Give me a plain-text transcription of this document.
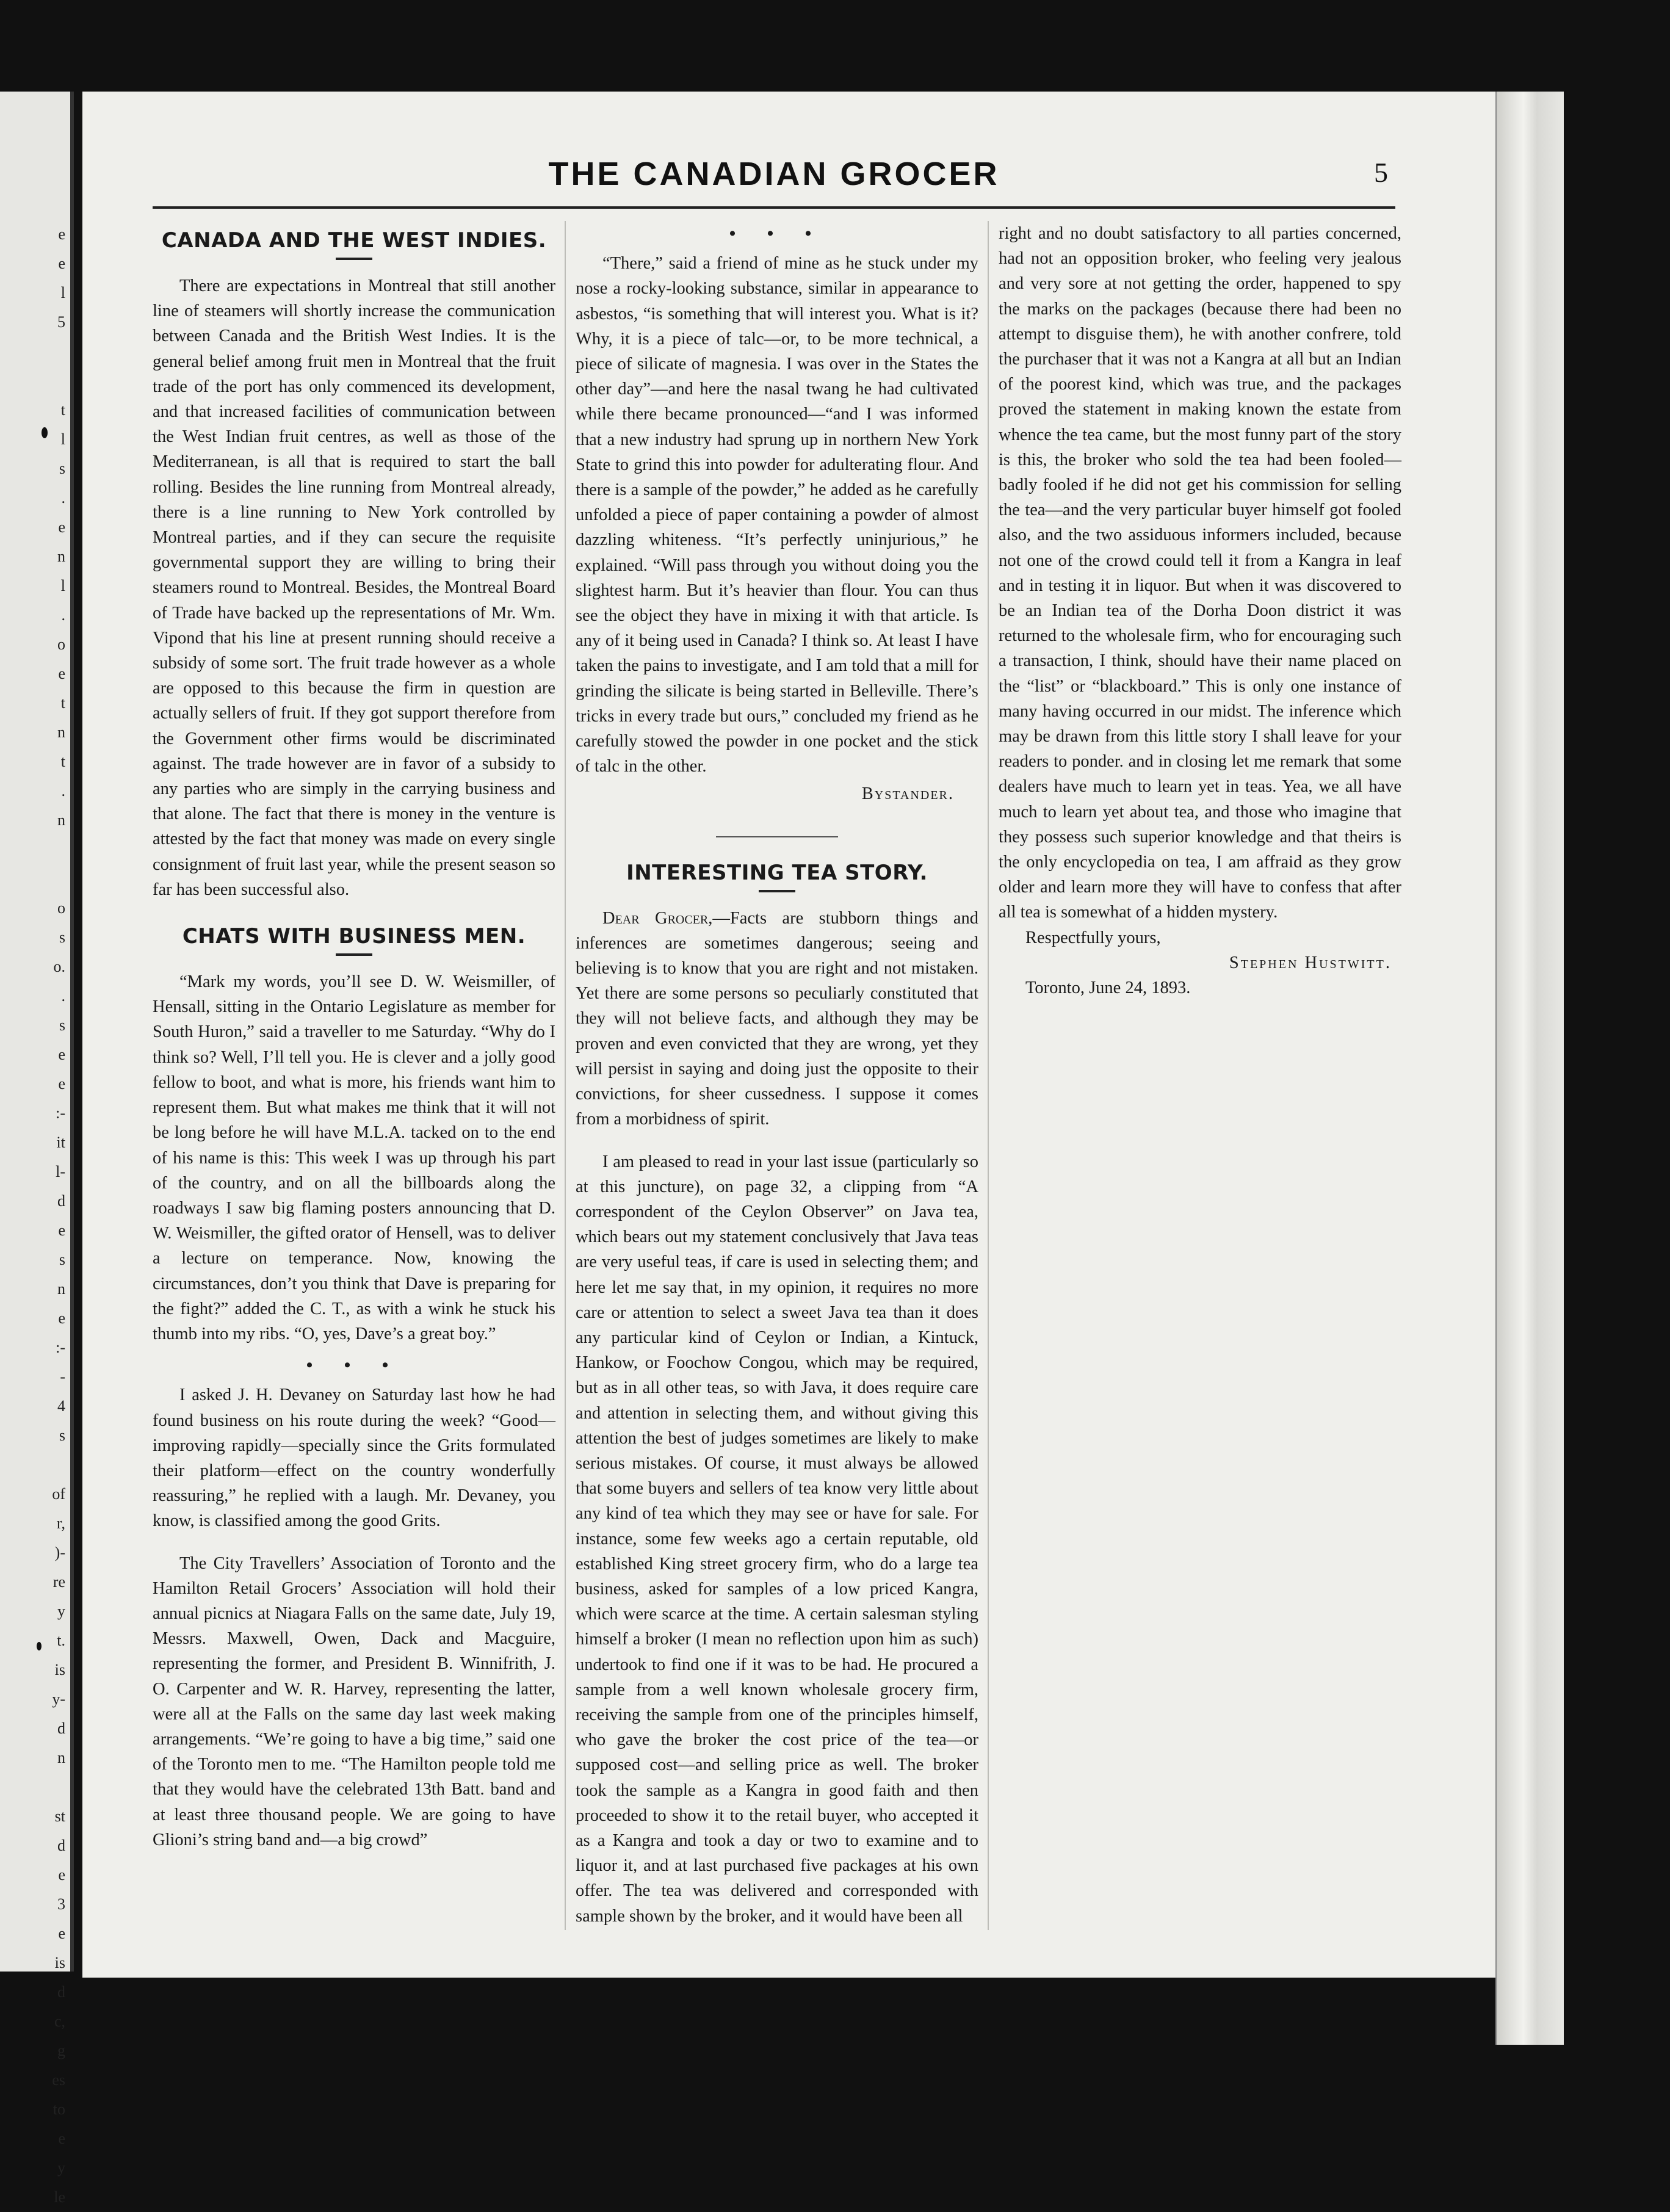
e
e
l
5

t
l
s
.
e
n
l
.
o
e
t
n
t
.
n

o
s
o.
.
s
e
e
:-
it
l-
d
e
s
n
e
:-
-
4
s

of
r,
)-
re
y
t.
is
y-
d
n

st
d
e
3
e
is
d
c,
g
es
to
e
y
le
THE CANADIAN GROCER	5
CANADA AND THE WEST INDIES.

There are expectations in Montreal that still another line of steamers will shortly increase the communication between Canada and the British West Indies. It is the general belief among fruit men in Montreal that the fruit trade of the port has only commenced its development, and that increased facilities of communication between the West Indian fruit centres, as well as those of the Mediterranean, is all that is required to start the ball rolling. Besides the line running from Montreal already, there is a line running to New York controlled by Montreal parties, and if they can secure the requisite governmental support they are willing to bring their steamers round to Montreal. Besides, the Montreal Board of Trade have backed up the representations of Mr. Wm. Vipond that his line at present running should receive a subsidy of some sort. The fruit trade however as a whole are opposed to this because the firm in question are actually sellers of fruit. If they got support therefore from the Government other firms would be discriminated against. The trade however are in favor of a subsidy to any parties who are simply in the carrying business and that alone. The fact that there is money in the venture is attested by the fact that money was made on every single consignment of fruit last year, while the present season so far has been successful also.

CHATS WITH BUSINESS MEN.

“Mark my words, you’ll see D. W. Weismiller, of Hensall, sitting in the Ontario Legislature as member for South Huron,” said a traveller to me Saturday. “Why do I think so? Well, I’ll tell you. He is clever and a jolly good fellow to boot, and what is more, his friends want him to represent them. But what makes me think that it will not be long before he will have M.L.A. tacked on to the end of his name is this: This week I was up through his part of the country, and on all the billboards along the roadways I saw big flaming posters announcing that D. W. Weismiller, the gifted orator of Hensell, was to deliver a lecture on temperance. Now, knowing the circumstances, don’t you think that Dave is preparing for the fight?” added the C. T., as with a wink he stuck his thumb into my ribs. “O, yes, Dave’s a great boy.”

• • •

I asked J. H. Devaney on Saturday last how he had found business on his route during the week? “Good—improving rapidly—specially since the Grits formulated their platform—effect on the country wonderfully reassuring,” he replied with a laugh. Mr. Devaney, you know, is classified among the good Grits.

The City Travellers’ Association of Toronto and the Hamilton Retail Grocers’ Association will hold their annual picnics at Niagara Falls on the same date, July 19, Messrs. Maxwell, Owen, Dack and Macguire, representing the former, and President B. Winnifrith, J. O. Carpenter and W. R. Harvey, representing the latter, were all at the Falls on the same day last week making arrangements. “We’re going to have a big time,” said one of the Toronto men to me. “The Hamilton people told me that they would have the celebrated 13th Batt. band and at least three thousand people. We are going to have Glioni’s string band and—a big crowd”

• • •

“There,” said a friend of mine as he stuck under my nose a rocky-looking substance, similar in appearance to asbestos, “is something that will interest you. What is it? Why, it is a piece of talc—or, to be more technical, a piece of silicate of magnesia. I was over in the States the other day”—and here the nasal twang he had cultivated while there became pronounced—“and I was informed that a new industry had sprung up in northern New York State to grind this into powder for adulterating flour. And there is a sample of the powder,” he added as he carefully unfolded a piece of paper containing a powder of almost dazzling whiteness. “It’s perfectly uninjurious,” he explained. “Will pass through you without doing you the slightest harm. But it’s heavier than flour. You can thus see the object they have in mixing it with that article. Is any of it being used in Canada? I think so. At least I have taken the pains to investigate, and I am told that a mill for grinding the silicate is being started in Belleville. There’s tricks in every trade but ours,” concluded my friend as he carefully stowed the powder in one pocket and the stick of talc in the other.

Bystander.
INTERESTING TEA STORY.

Dear Grocer,—Facts are stubborn things and inferences are sometimes dangerous; seeing and believing is to know that you are right and not mistaken. Yet there are some persons so peculiarly constituted that they will not believe facts, and although they may be proven and even convicted that they are wrong, yet they will persist in saying and doing just the opposite to their convictions, for sheer cussedness. I suppose it comes from a morbidness of spirit.

I am pleased to read in your last issue (particularly so at this juncture), on page 32, a clipping from “A correspondent of the Ceylon Observer” on Java tea, which bears out my statement conclusively that Java teas are very useful teas, if care is used in selecting them; and here let me say that, in my opinion, it requires no more care or attention to select a sweet Java tea than it does any particular kind of Ceylon or Indian, a Kintuck, Hankow, or Foochow Congou, which may be required, but as in all other teas, so with Java, it does require care and attention in selecting them, and without giving this attention the best of judges sometimes are likely to make serious mistakes. Of course, it must always be allowed that some buyers and sellers of tea know very little about any kind of tea which they may see or have for sale. For instance, some few weeks ago a certain reputable, old established King street grocery firm, who do a large tea business, asked for samples of a low priced Kangra, which were scarce at the time. A certain salesman styling himself a broker (I mean no reflection upon him as such) undertook to find one if it was to be had. He procured a sample from a well known wholesale grocery firm, receiving the sample from one of the principles himself, who gave the broker the cost price of the tea—or supposed cost—and selling price as well. The broker took the sample as a Kangra in good faith and then proceeded to show it to the retail buyer, who accepted it as a Kangra and took a day or two to examine and to liquor it, and at last purchased five packages at his own offer. The tea was delivered and corresponded with sample shown by the broker, and it would have been all

right and no doubt satisfactory to all parties concerned, had not an opposition broker, who feeling very jealous and very sore at not getting the order, happened to spy the marks on the packages (because there had been no attempt to disguise them), he with another confrere, told the purchaser that it was not a Kangra at all but an Indian of the poorest kind, which was true, and the packages proved the statement in making known the estate from whence the tea came, but the most funny part of the story is this, the broker who sold the tea had been fooled—badly fooled if he did not get his commission for selling the tea—and the very particular buyer himself got fooled also, and the two assiduous informers included, because not one of the crowd could tell it from a Kangra in leaf and in testing it in liquor. But when it was discovered to be an Indian tea of the Dorha Doon district it was returned to the wholesale firm, who for encouraging such a transaction, I think, should have their name placed on the “list” or “blackboard.” This is only one instance of many having occurred in our midst. The inference which may be drawn from this little story I shall leave for your readers to ponder. and in closing let me remark that some dealers have much to learn yet in teas. Yea, we all have much to learn yet about tea, and those who imagine that they possess such superior knowledge and that theirs is the only encyclopedia on tea, I am affraid as they grow older and learn more they will have to confess that after all tea is somewhat of a hidden mystery.

Respectfully yours,

Stephen Hustwitt.

Toronto, June 24, 1893.
